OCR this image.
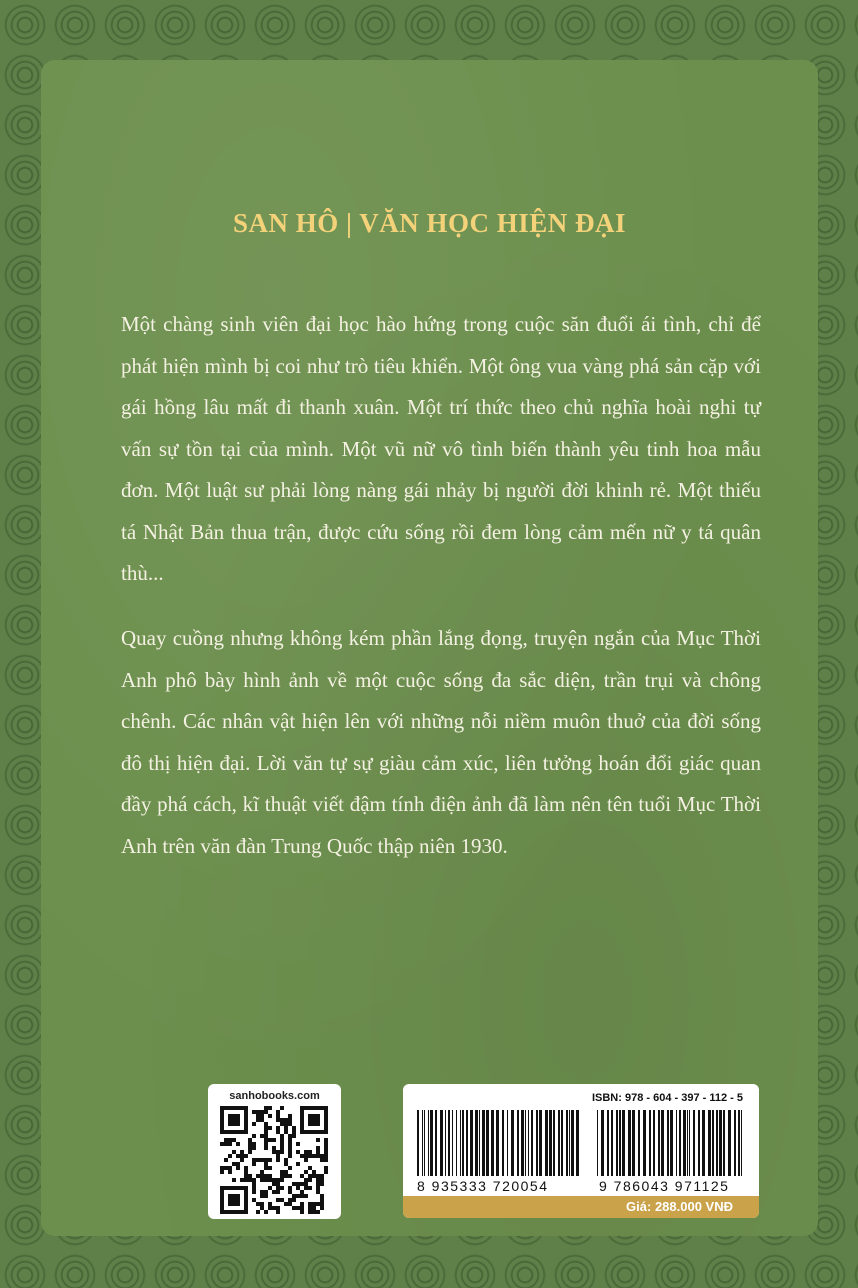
SAN HÔ | VĂN HỌC HIỆN ĐẠI

Một chàng sinh viên đại học hào hứng trong cuộc săn đuổi ái tình, chỉ để phát hiện mình bị coi như trò tiêu khiển. Một ông vua vàng phá sản cặp với gái hồng lâu mất đi thanh xuân. Một trí thức theo chủ nghĩa hoài nghi tự vấn sự tồn tại của mình. Một vũ nữ vô tình biến thành yêu tinh hoa mẫu đơn. Một luật sư phải lòng nàng gái nhảy bị người đời khinh rẻ. Một thiếu tá Nhật Bản thua trận, được cứu sống rồi đem lòng cảm mến nữ y tá quân thù...

Quay cuồng nhưng không kém phần lắng đọng, truyện ngắn của Mục Thời Anh phô bày hình ảnh về một cuộc sống đa sắc diện, trần trụi và chông chênh. Các nhân vật hiện lên với những nỗi niềm muôn thuở của đời sống đô thị hiện đại. Lời văn tự sự giàu cảm xúc, liên tưởng hoán đổi giác quan đầy phá cách, kĩ thuật viết đậm tính điện ảnh đã làm nên tên tuổi Mục Thời Anh trên văn đàn Trung Quốc thập niên 1930.

sanhobooks.com	ISBN: 978 - 604 - 397 - 112 - 5
8 935333 720054	9 786043 971125
Giá: 288.000 VNĐ
